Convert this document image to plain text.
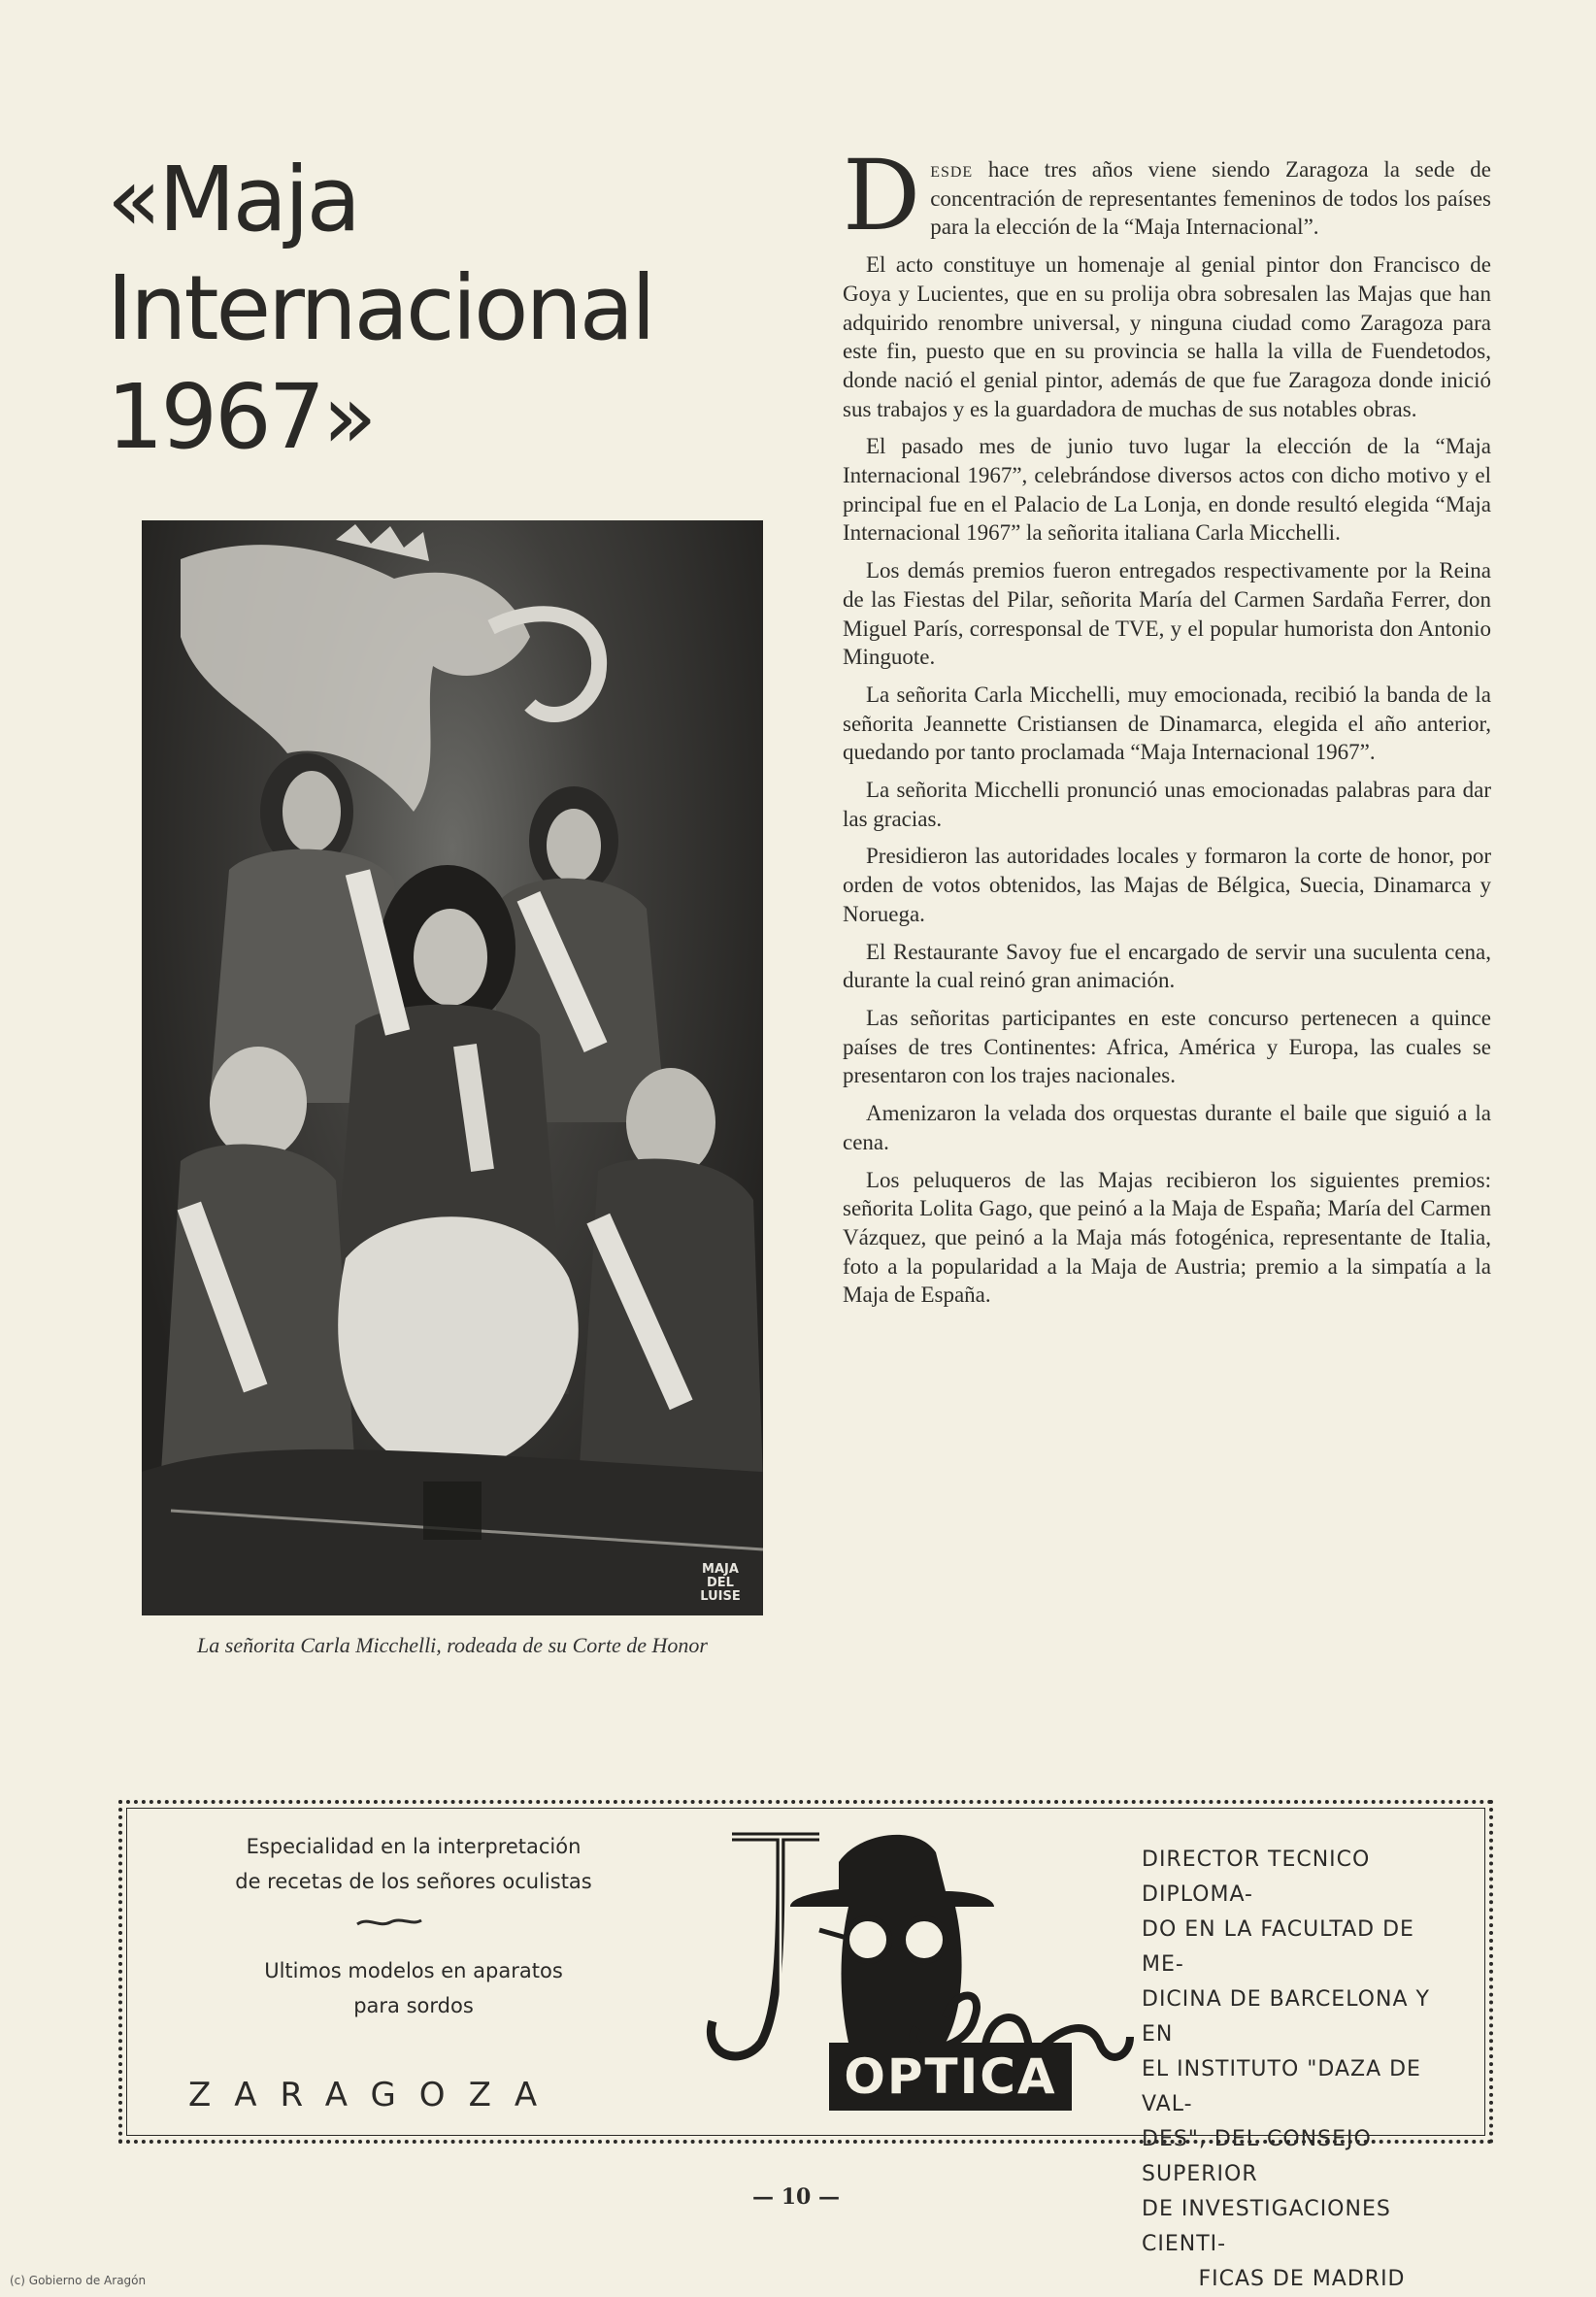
«Maja
Internacional
1967»
MAJA
DEL LUISE
La señorita Carla Micchelli, rodeada de su Corte de Honor

Desde hace tres años viene siendo Zaragoza la sede de concentración de representantes femeninos de todos los países para la elección de la “Maja Internacional”.

El acto constituye un homenaje al genial pintor don Francisco de Goya y Lucientes, que en su prolija obra sobresalen las Majas que han adquirido renombre universal, y ninguna ciudad como Zaragoza para este fin, puesto que en su provincia se halla la villa de Fuendetodos, donde nació el genial pintor, además de que fue Zaragoza donde inició sus trabajos y es la guardadora de muchas de sus notables obras.

El pasado mes de junio tuvo lugar la elección de la “Maja Internacional 1967”, celebrándose diversos actos con dicho motivo y el principal fue en el Palacio de La Lonja, en donde resultó elegida “Maja Internacional 1967” la señorita italiana Carla Micchelli.

Los demás premios fueron entregados respectivamente por la Reina de las Fiestas del Pilar, señorita María del Carmen Sardaña Ferrer, don Miguel París, corresponsal de TVE, y el popular humorista don Antonio Minguote.

La señorita Carla Micchelli, muy emocionada, recibió la banda de la señorita Jeannette Cristiansen de Dinamarca, elegida el año anterior, quedando por tanto proclamada “Maja Internacional 1967”.

La señorita Micchelli pronunció unas emocionadas palabras para dar las gracias.

Presidieron las autoridades locales y formaron la corte de honor, por orden de votos obtenidos, las Majas de Bélgica, Suecia, Dinamarca y Noruega.

El Restaurante Savoy fue el encargado de servir una suculenta cena, durante la cual reinó gran animación.

Las señoritas participantes en este concurso pertenecen a quince países de tres Continentes: Africa, América y Europa, las cuales se presentaron con los trajes nacionales.

Amenizaron la velada dos orquestas durante el baile que siguió a la cena.

Los peluqueros de las Majas recibieron los siguientes premios: señorita Lolita Gago, que peinó a la Maja de España; María del Carmen Vázquez, que peinó a la Maja más fotogénica, representante de Italia, foto a la popularidad a la Maja de Austria; premio a la simpatía a la Maja de España.

Especialidad en la interpretación
de recetas de los señores oculistas
Ultimos modelos en aparatos
para sordos
ZARAGOZA	OPTICA
DIRECTOR TECNICO DIPLOMA-
DO EN LA FACULTAD DE ME-
DICINA DE BARCELONA Y EN
EL INSTITUTO "DAZA DE VAL-
DES", DEL CONSEJO SUPERIOR
DE INVESTIGACIONES CIENTI-
FICAS DE MADRID
— 10 —
(c) Gobierno de Aragón
